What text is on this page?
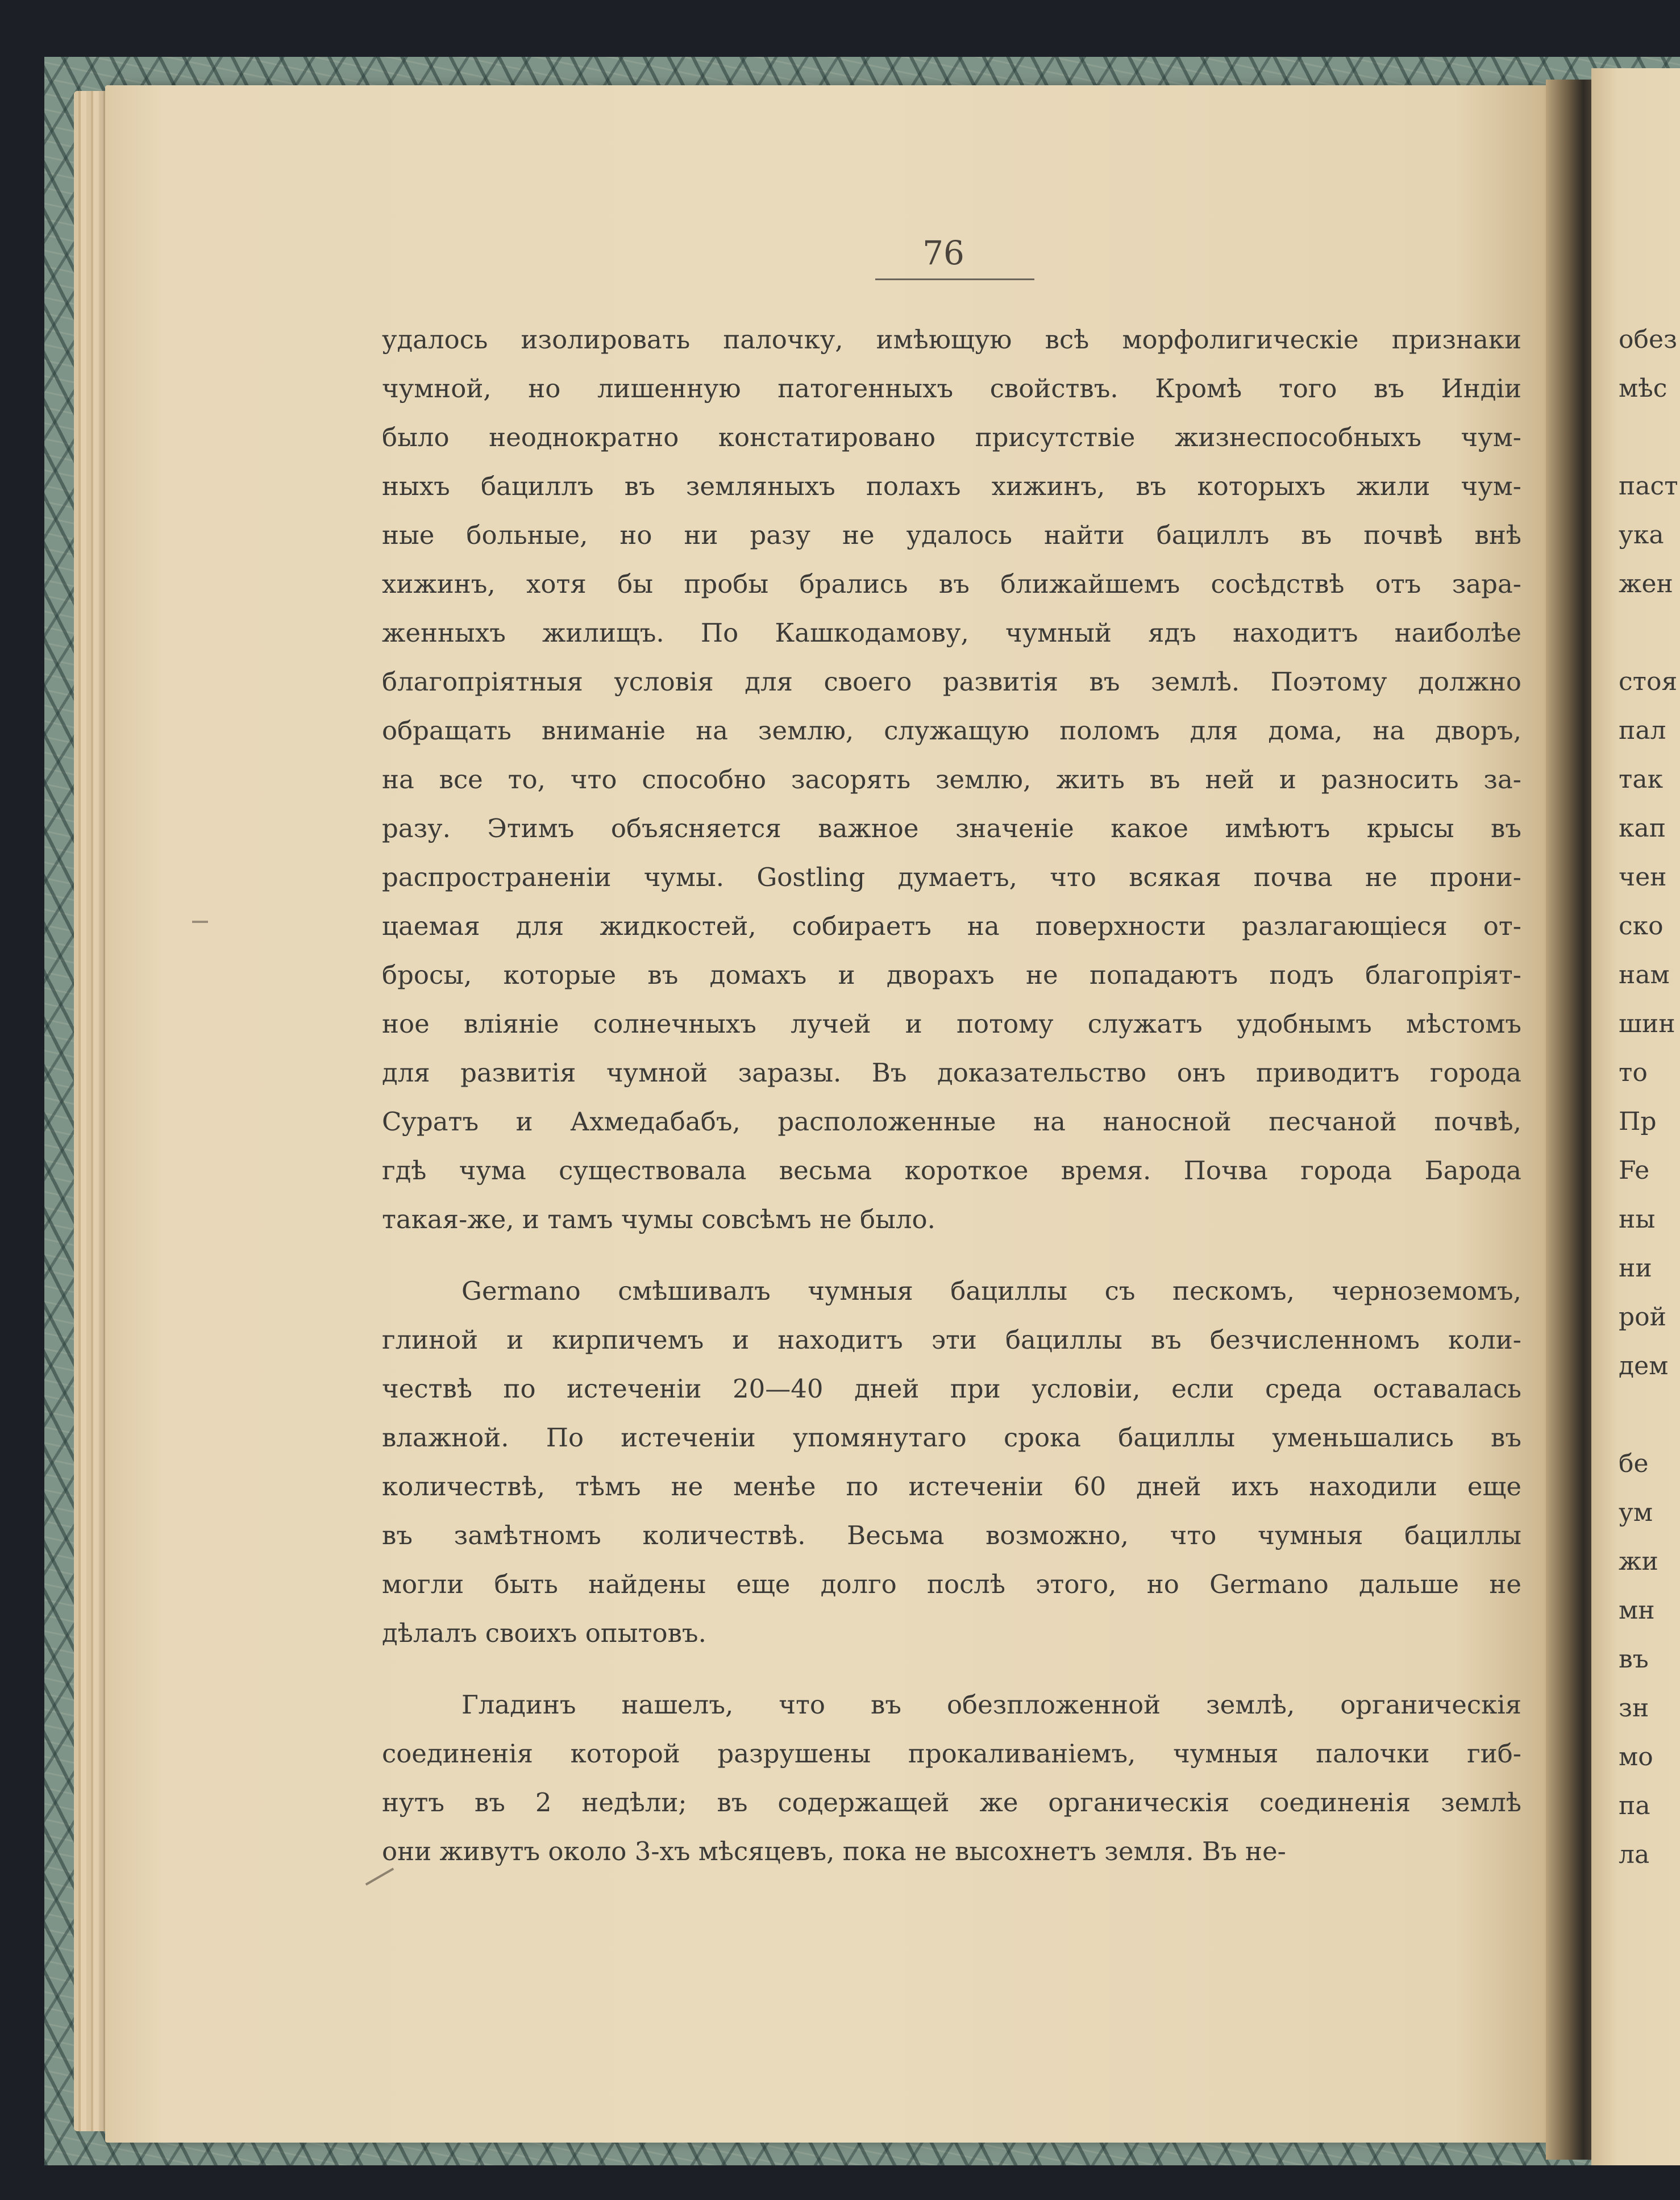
76
удалось изолировать палочку, имѣющую всѣ морфолигическіе признаки
чумной, но лишенную патогенныхъ свойствъ. Кромѣ того въ Индіи
было неоднократно констатировано присутствіе жизнеспособныхъ чум-
ныхъ бациллъ въ земляныхъ полахъ хижинъ, въ которыхъ жили чум-
ные больные, но ни разу не удалось найти бациллъ въ почвѣ внѣ
хижинъ, хотя бы пробы брались въ ближайшемъ сосѣдствѣ отъ зара-
женныхъ жилищъ. По Кашкодамову, чумный ядъ находитъ наиболѣе
благопріятныя условія для своего развитія въ землѣ. Поэтому должно
обращать вниманіе на землю, служащую поломъ для дома, на дворъ,
на все то, что способно засорять землю, жить въ ней и разносить за-
разу. Этимъ объясняется важное значеніе какое имѣютъ крысы въ
распространеніи чумы. Gostling думаетъ, что всякая почва не прони-
цаемая для жидкостей, собираетъ на поверхности разлагающіеся от-
бросы, которые въ домахъ и дворахъ не попадаютъ подъ благопріят-
ное вліяніе солнечныхъ лучей и потому служатъ удобнымъ мѣстомъ
для развитія чумной заразы. Въ доказательство онъ приводитъ города
Суратъ и Ахмедабабъ, расположенные на наносной песчаной почвѣ,
гдѣ чума существовала весьма короткое время. Почва города Барода
такая-же, и тамъ чумы совсѣмъ не было.
Germano смѣшивалъ чумныя бациллы съ пескомъ, черноземомъ,
глиной и кирпичемъ и находитъ эти бациллы въ безчисленномъ коли-
чествѣ по истеченіи 20—40 дней при условіи, если среда оставалась
влажной. По истеченіи упомянутаго срока бациллы уменьшались въ
количествѣ, тѣмъ не менѣе по истеченіи 60 дней ихъ находили еще
въ замѣтномъ количествѣ. Весьма возможно, что чумныя бациллы
могли быть найдены еще долго послѣ этого, но Germano дальше не
дѣлалъ своихъ опытовъ.
Гладинъ нашелъ, что въ обезпложенной землѣ, органическія
соединенія которой разрушены прокаливаніемъ, чумныя палочки гиб-
нутъ въ 2 недѣли; въ содержащей же органическія соединенія землѣ
они живутъ около 3-хъ мѣсяцевъ, пока не высохнетъ земля. Въ не-
обез
мѣс
паст
ука
жен
стоя
пал
так
кап
чен
ско
нам
шин
то
Пр
Fe
ны
ни
рой
дем
бе
ум
жи
мн
въ
зн
мо
па
ла
